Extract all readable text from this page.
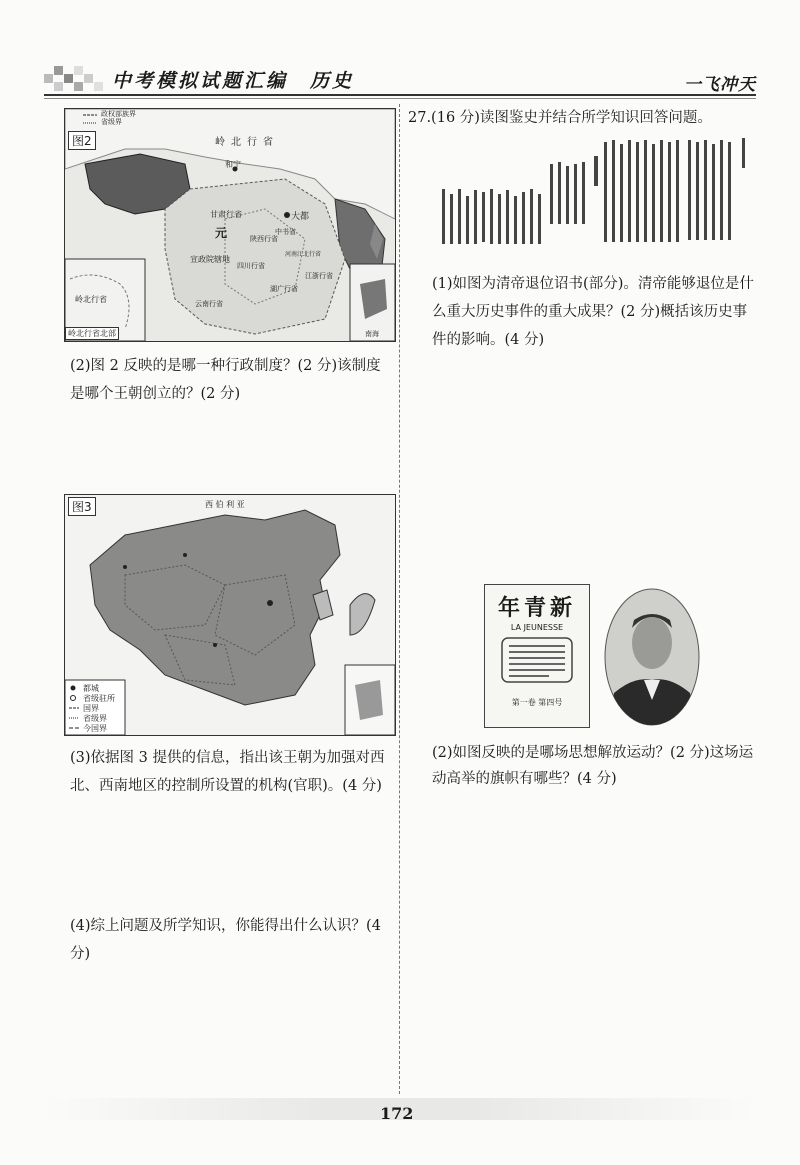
中考模拟试题汇编 历史	一飞冲天
图2
政权部族界
省级界
岭北行省
元
大都
甘肃行省
宣政院辖地
四川行省
湖广行省
云南行省
陕西行省
中书省
河南江北行省
江浙行省
和宁
岭北行省
岭北行省北部	南海
(2)图 2 反映的是哪一种行政制度？(2 分)该制度是哪个王朝创立的？(2 分)
图3	西 伯 利 亚
都城
省级驻所
国界
省级界
今国界
(3)依据图 3 提供的信息，指出该王朝为加强对西北、西南地区的控制所设置的机构(官职)。(4 分)
(4)综上问题及所学知识，你能得出什么认识？(4 分)
27.(16 分)读图鉴史并结合所学知识回答问题。
(1)如图为清帝退位诏书(部分)。清帝能够退位是什么重大历史事件的重大成果？(2 分)概括该历史事件的影响。(4 分)
年青新
LA JEUNESSE
第一卷 第四号
(2)如图反映的是哪场思想解放运动？(2 分)这场运动高举的旗帜有哪些？(4 分)
172
